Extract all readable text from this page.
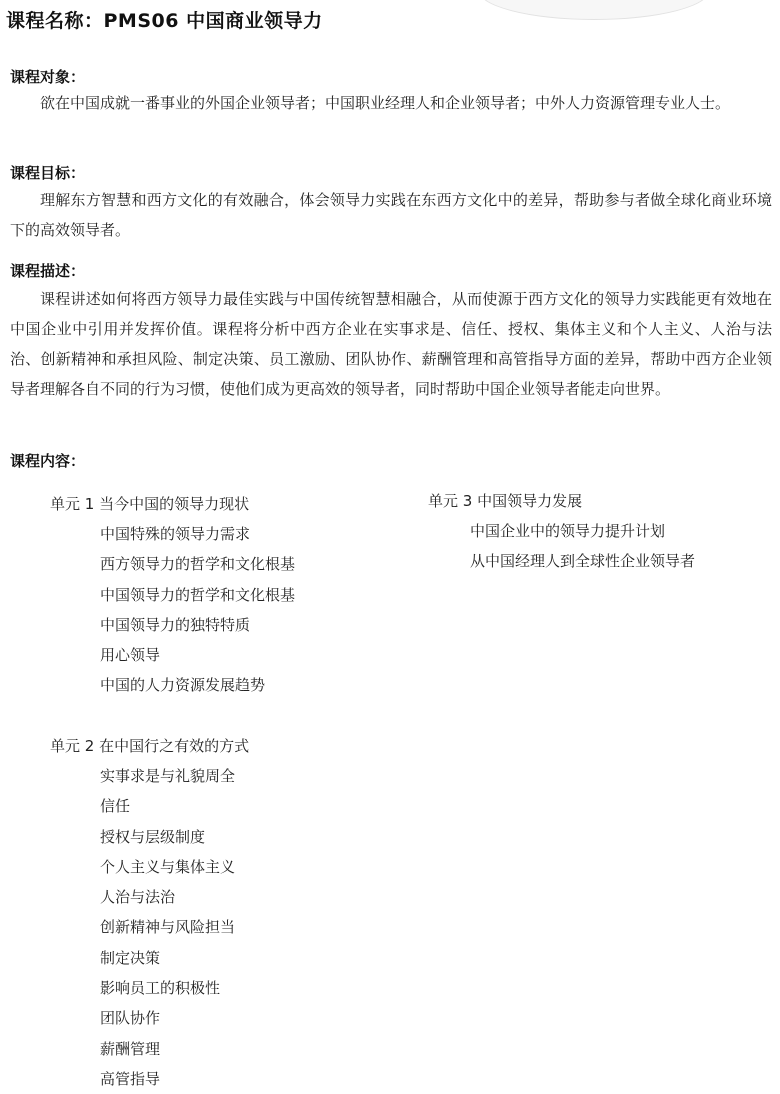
课程名称：PMS06 中国商业领导力
课程对象：

欲在中国成就一番事业的外国企业领导者；中国职业经理人和企业领导者；中外人力资源管理专业人士。

课程目标：

理解东方智慧和西方文化的有效融合，体会领导力实践在东西方文化中的差异，帮助参与者做全球化商业环境下的高效领导者。

课程描述：

课程讲述如何将西方领导力最佳实践与中国传统智慧相融合，从而使源于西方文化的领导力实践能更有效地在中国企业中引用并发挥价值。课程将分析中西方企业在实事求是、信任、授权、集体主义和个人主义、人治与法治、创新精神和承担风险、制定决策、员工激励、团队协作、薪酬管理和高管指导方面的差异，帮助中西方企业领导者理解各自不同的行为习惯，使他们成为更高效的领导者，同时帮助中国企业领导者能走向世界。

课程内容：
单元 1 当今中国的领导力现状
中国特殊的领导力需求
西方领导力的哲学和文化根基
中国领导力的哲学和文化根基
中国领导力的独特特质
用心领导
中国的人力资源发展趋势
单元 2 在中国行之有效的方式
实事求是与礼貌周全
信任
授权与层级制度
个人主义与集体主义
人治与法治
创新精神与风险担当
制定决策
影响员工的积极性
团队协作
薪酬管理
高管指导
单元 3 中国领导力发展
中国企业中的领导力提升计划
从中国经理人到全球性企业领导者
